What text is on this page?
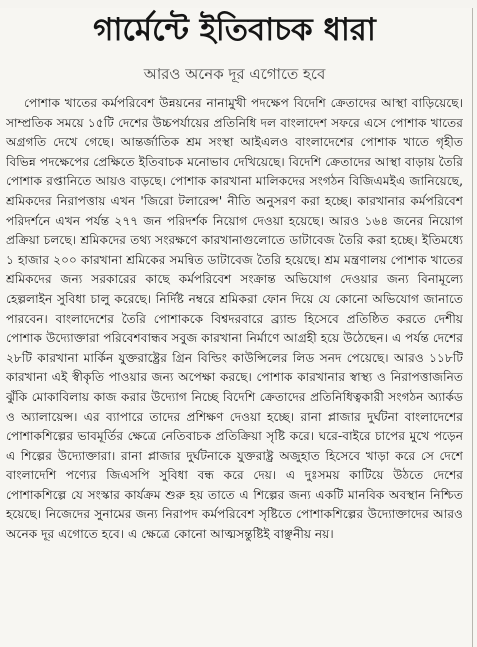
গার্মেন্টে ইতিবাচক ধারা
আরও অনেক দূর এগোতে হবে

পোশাক খাতের কর্মপরিবেশ উন্নয়নের নানামুখী পদক্ষেপ বিদেশি ক্রেতাদের আস্থা বাড়িয়েছে। সাম্প্রতিক সময়ে ১৫টি দেশের উচ্চপর্যায়ের প্রতিনিধি দল বাংলাদেশ সফরে এসে পোশাক খাতের অগ্রগতি দেখে গেছে। আন্তর্জাতিক শ্রম সংস্থা আইএলও বাংলাদেশের পোশাক খাতে গৃহীত বিভিন্ন পদক্ষেপের প্রেক্ষিতে ইতিবাচক মনোভাব দেখিয়েছে। বিদেশি ক্রেতাদের আস্থা বাড়ায় তৈরি পোশাক রপ্তানিতে আয়ও বাড়ছে। পোশাক কারখানা মালিকদের সংগঠন বিজিএমইএ জানিয়েছে, শ্রমিকদের নিরাপত্তায় এখন 'জিরো টলারেন্স' নীতি অনুসরণ করা হচ্ছে। কারখানার কর্মপরিবেশ পরিদর্শনে এখন পর্যন্ত ২৭৭ জন পরিদর্শক নিয়োগ দেওয়া হয়েছে। আরও ১৬৪ জনের নিয়োগ প্রক্রিয়া চলছে। শ্রমিকদের তথ্য সংরক্ষণে কারখানাগুলোতে ডাটাবেজ তৈরি করা হচ্ছে। ইতিমধ্যে ১ হাজার ২০০ কারখানা শ্রমিকের সমন্বিত ডাটাবেজ তৈরি হয়েছে। শ্রম মন্ত্রণালয় পোশাক খাতের শ্রমিকদের জন্য সরকারের কাছে কর্মপরিবেশ সংক্রান্ত অভিযোগ দেওয়ার জন্য বিনামূল্যে হেল্পলাইন সুবিধা চালু করেছে। নির্দিষ্ট নম্বরে শ্রমিকরা ফোন দিয়ে যে কোনো অভিযোগ জানাতে পারবেন। বাংলাদেশের তৈরি পোশাককে বিশ্বদরবারে ব্র্যান্ড হিসেবে প্রতিষ্ঠিত করতে দেশীয় পোশাক উদ্যোক্তারা পরিবেশবান্ধব সবুজ কারখানা নির্মাণে আগ্রহী হয়ে উঠেছেন। এ পর্যন্ত দেশের ২৮টি কারখানা মার্কিন যুক্তরাষ্ট্রের গ্রিন বিল্ডিং কাউন্সিলের লিড সনদ পেয়েছে। আরও ১১৮টি কারখানা এই স্বীকৃতি পাওয়ার জন্য অপেক্ষা করছে। পোশাক কারখানার স্বাস্থ্য ও নিরাপত্তাজনিত ঝুঁকি মোকাবিলায় কাজ করার উদ্যোগ নিচ্ছে বিদেশি ক্রেতাদের প্রতিনিধিত্বকারী সংগঠন অ্যার্কড ও অ্যালায়েন্স। এর ব্যাপারে তাদের প্রশিক্ষণ দেওয়া হচ্ছে। রানা প্লাজার দুর্ঘটনা বাংলাদেশের পোশাকশিল্পের ভাবমূর্তির ক্ষেত্রে নেতিবাচক প্রতিক্রিয়া সৃষ্টি করে। ঘরে-বাইরে চাপের মুখে পড়েন এ শিল্পের উদ্যোক্তারা। রানা প্লাজার দুর্ঘটনাকে যুক্তরাষ্ট্র অজুহাত হিসেবে খাড়া করে সে দেশে বাংলাদেশি পণ্যের জিএসপি সুবিধা বন্ধ করে দেয়। এ দুঃসময় কাটিয়ে উঠতে দেশের পোশাকশিল্পে যে সংস্কার কার্যক্রম শুরু হয় তাতে এ শিল্পের জন্য একটি মানবিক অবস্থান নিশ্চিত হয়েছে। নিজেদের সুনামের জন্য নিরাপদ কর্মপরিবেশ সৃষ্টিতে পোশাকশিল্পের উদ্যোক্তাদের আরও অনেক দূর এগোতে হবে। এ ক্ষেত্রে কোনো আত্মসন্তুষ্টিই বাঞ্ছনীয় নয়।
